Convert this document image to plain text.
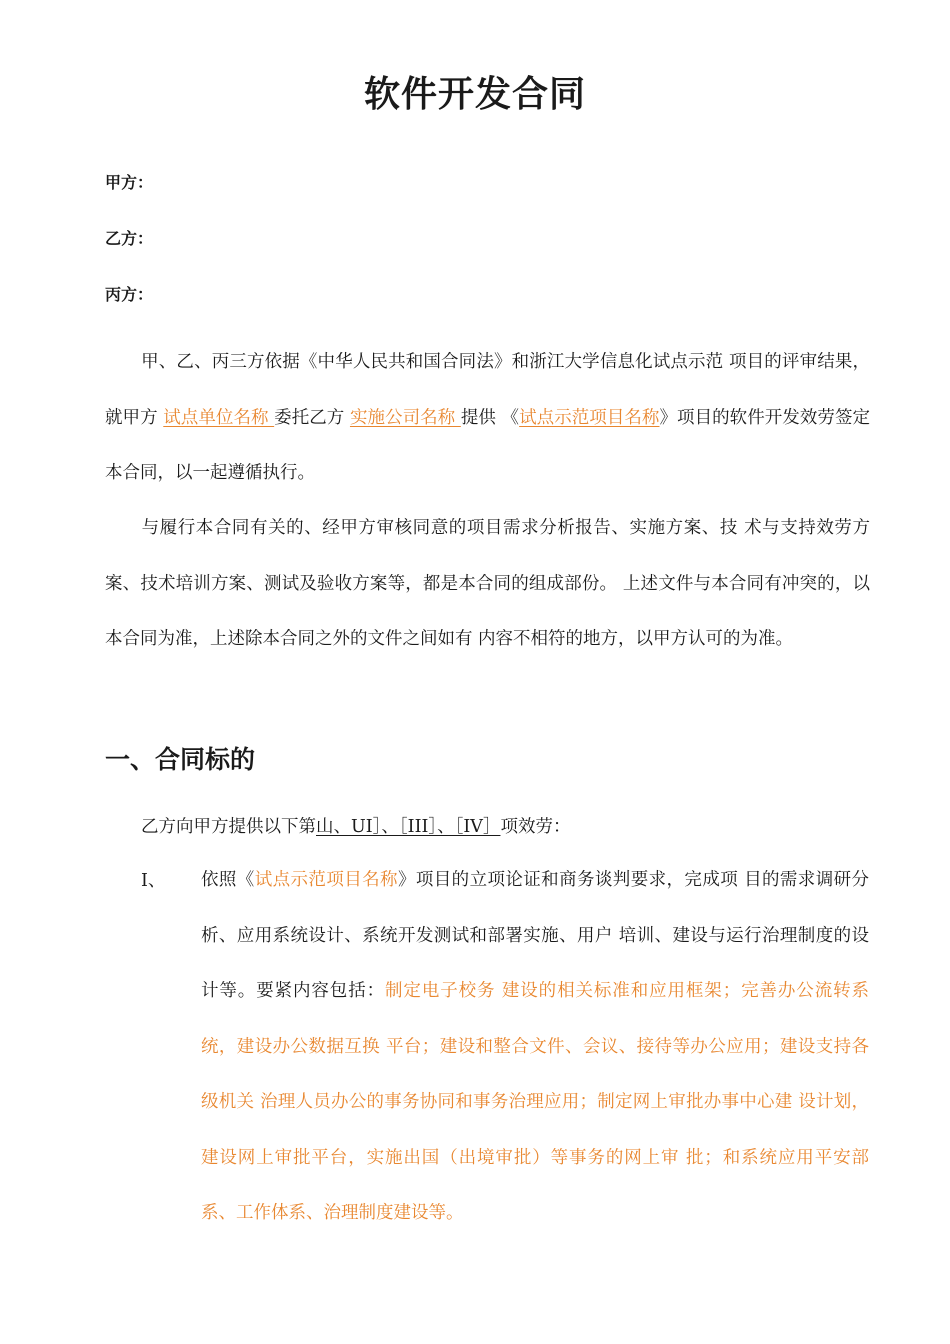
软件开发合同
甲方：
乙方：
丙方：
甲、乙、丙三方依据《中华人民共和国合同法》和浙江大学信息化试点示范 项目的评审结果，就甲方 试点单位名称 委托乙方 实施公司名称 提供 《试点示范项目名称》项目的软件开发效劳签定本合同，以一起遵循执行。
与履行本合同有关的、经甲方审核同意的项目需求分析报告、实施方案、技 术与支持效劳方案、技术培训方案、测试及验收方案等，都是本合同的组成部份。 上述文件与本合同有冲突的，以本合同为准，上述除本合同之外的文件之间如有 内容不相符的地方，以甲方认可的为准。
一、合同标的
乙方向甲方提供以下第山、UI］、［III］、［IV］项效劳：
I、 依照《试点示范项目名称》项目的立项论证和商务谈判要求，完成项 目的需求调研分析、应用系统设计、系统开发测试和部署实施、用户 培训、建设与运行治理制度的设计等。要紧内容包括：制定电子校务 建设的相关标准和应用框架；完善办公流转系统，建设办公数据互换 平台；建设和整合文件、会议、接待等办公应用；建设支持各级机关 治理人员办公的事务协同和事务治理应用；制定网上审批办事中心建 设计划，建设网上审批平台，实施出国（出境审批）等事务的网上审 批；和系统应用平安部系、工作体系、治理制度建设等。
